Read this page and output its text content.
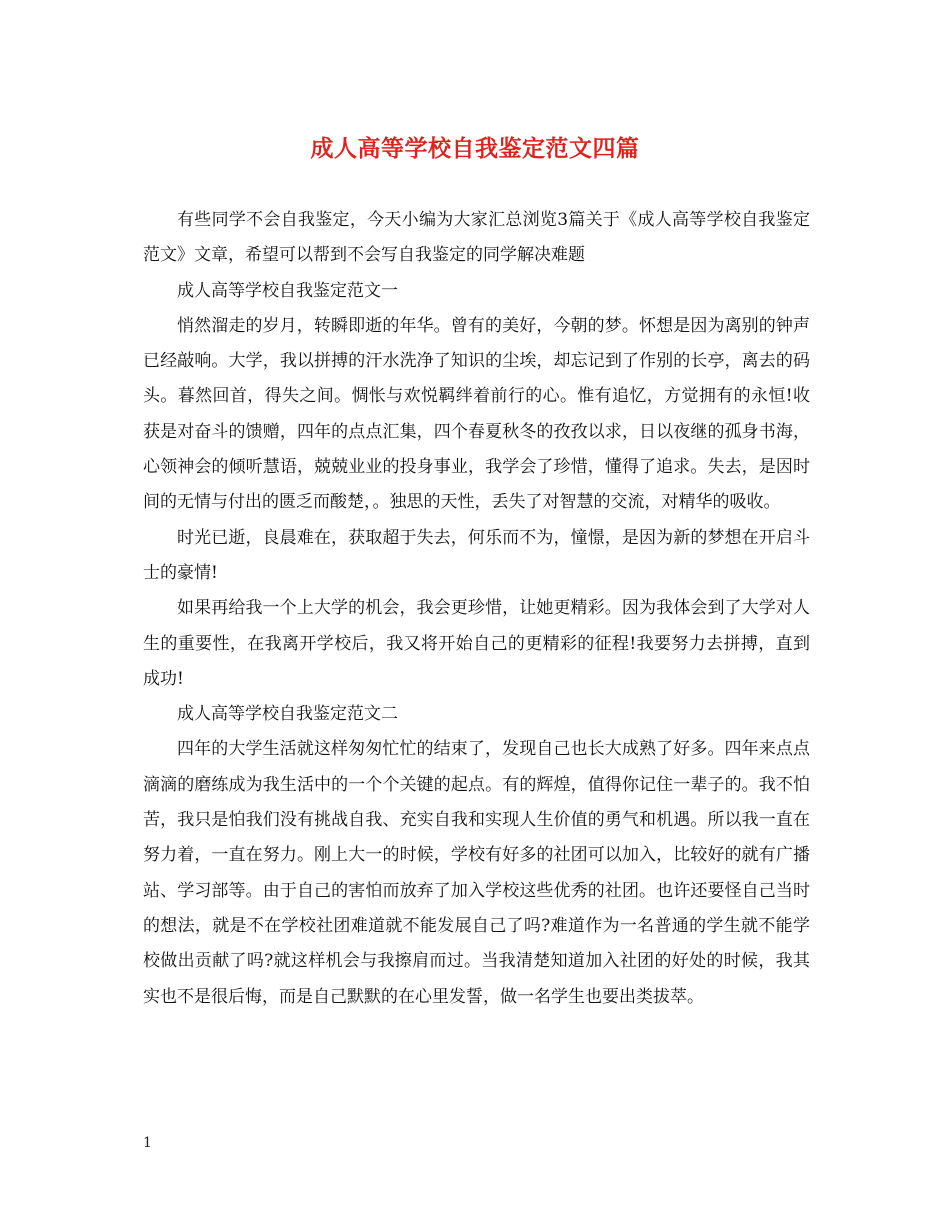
成人高等学校自我鉴定范文四篇

有些同学不会自我鉴定，今天小编为大家汇总浏览3篇关于《成人高等学校自我鉴定范文》文章，希望可以帮到不会写自我鉴定的同学解决难题

成人高等学校自我鉴定范文一

悄然溜走的岁月，转瞬即逝的年华。曾有的美好，今朝的梦。怀想是因为离别的钟声已经敲响。大学，我以拼搏的汗水洗净了知识的尘埃，却忘记到了作别的长亭，离去的码头。暮然回首，得失之间。惆怅与欢悦羁绊着前行的心。惟有追忆，方觉拥有的永恒!收获是对奋斗的馈赠，四年的点点汇集，四个春夏秋冬的孜孜以求，日以夜继的孤身书海，心领神会的倾听慧语，兢兢业业的投身事业，我学会了珍惜，懂得了追求。失去，是因时间的无情与付出的匮乏而酸楚，。独思的天性，丢失了对智慧的交流，对精华的吸收。

时光已逝，良晨难在，获取超于失去，何乐而不为，憧憬，是因为新的梦想在开启斗士的豪情!

如果再给我一个上大学的机会，我会更珍惜，让她更精彩。因为我体会到了大学对人生的重要性，在我离开学校后，我又将开始自己的更精彩的征程!我要努力去拼搏，直到成功!

成人高等学校自我鉴定范文二

四年的大学生活就这样匆匆忙忙的结束了，发现自己也长大成熟了好多。四年来点点滴滴的磨练成为我生活中的一个个关键的起点。有的辉煌，值得你记住一辈子的。我不怕苦，我只是怕我们没有挑战自我、充实自我和实现人生价值的勇气和机遇。所以我一直在努力着，一直在努力。刚上大一的时候，学校有好多的社团可以加入，比较好的就有广播站、学习部等。由于自己的害怕而放弃了加入学校这些优秀的社团。也许还要怪自己当时的想法，就是不在学校社团难道就不能发展自己了吗?难道作为一名普通的学生就不能学校做出贡献了吗?就这样机会与我擦肩而过。当我清楚知道加入社团的好处的时候，我其实也不是很后悔，而是自己默默的在心里发誓，做一名学生也要出类拔萃。

1
